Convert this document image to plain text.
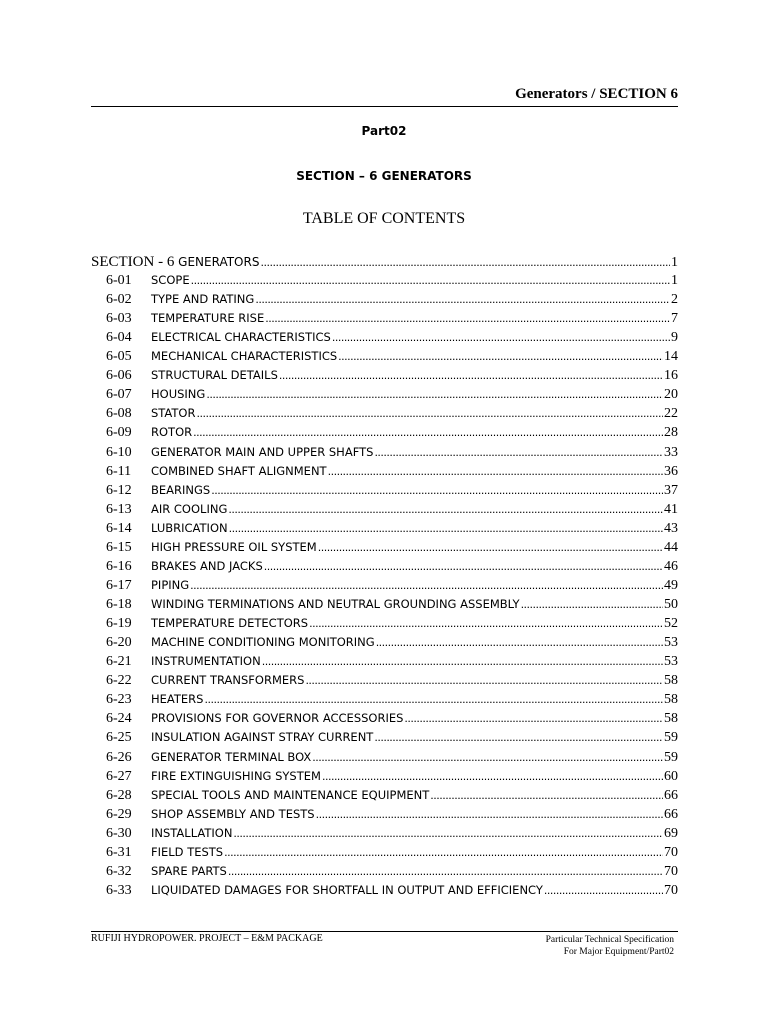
Generators / SECTION 6
Part02
SECTION – 6 GENERATORS
TABLE OF CONTENTS
SECTION - 6 GENERATORS .....	1
6-01	SCOPE .....	1
6-02	TYPE AND RATING .....	2
6-03	TEMPERATURE RISE .....	7
6-04	ELECTRICAL CHARACTERISTICS .....	9
6-05	MECHANICAL CHARACTERISTICS .....	14
6-06	STRUCTURAL DETAILS .....	16
6-07	HOUSING .....	20
6-08	STATOR .....	22
6-09	ROTOR .....	28
6-10	GENERATOR MAIN AND UPPER SHAFTS .....	33
6-11	COMBINED SHAFT ALIGNMENT .....	36
6-12	BEARINGS .....	37
6-13	AIR COOLING .....	41
6-14	LUBRICATION .....	43
6-15	HIGH PRESSURE OIL SYSTEM .....	44
6-16	BRAKES AND JACKS .....	46
6-17	PIPING .....	49
6-18	WINDING TERMINATIONS AND NEUTRAL GROUNDING ASSEMBLY .....	50
6-19	TEMPERATURE DETECTORS .....	52
6-20	MACHINE CONDITIONING MONITORING .....	53
6-21	INSTRUMENTATION .....	53
6-22	CURRENT TRANSFORMERS .....	58
6-23	HEATERS .....	58
6-24	PROVISIONS FOR GOVERNOR ACCESSORIES .....	58
6-25	INSULATION AGAINST STRAY CURRENT .....	59
6-26	GENERATOR TERMINAL BOX .....	59
6-27	FIRE EXTINGUISHING SYSTEM .....	60
6-28	SPECIAL TOOLS AND MAINTENANCE EQUIPMENT .....	66
6-29	SHOP ASSEMBLY AND TESTS .....	66
6-30	INSTALLATION .....	69
6-31	FIELD TESTS .....	70
6-32	SPARE PARTS .....	70
6-33	LIQUIDATED DAMAGES FOR SHORTFALL IN OUTPUT AND EFFICIENCY .....	70
RUFIJI HYDROPOWER. PROJECT – E&M PACKAGE	Particular Technical Specification
For Major Equipment/Part02
